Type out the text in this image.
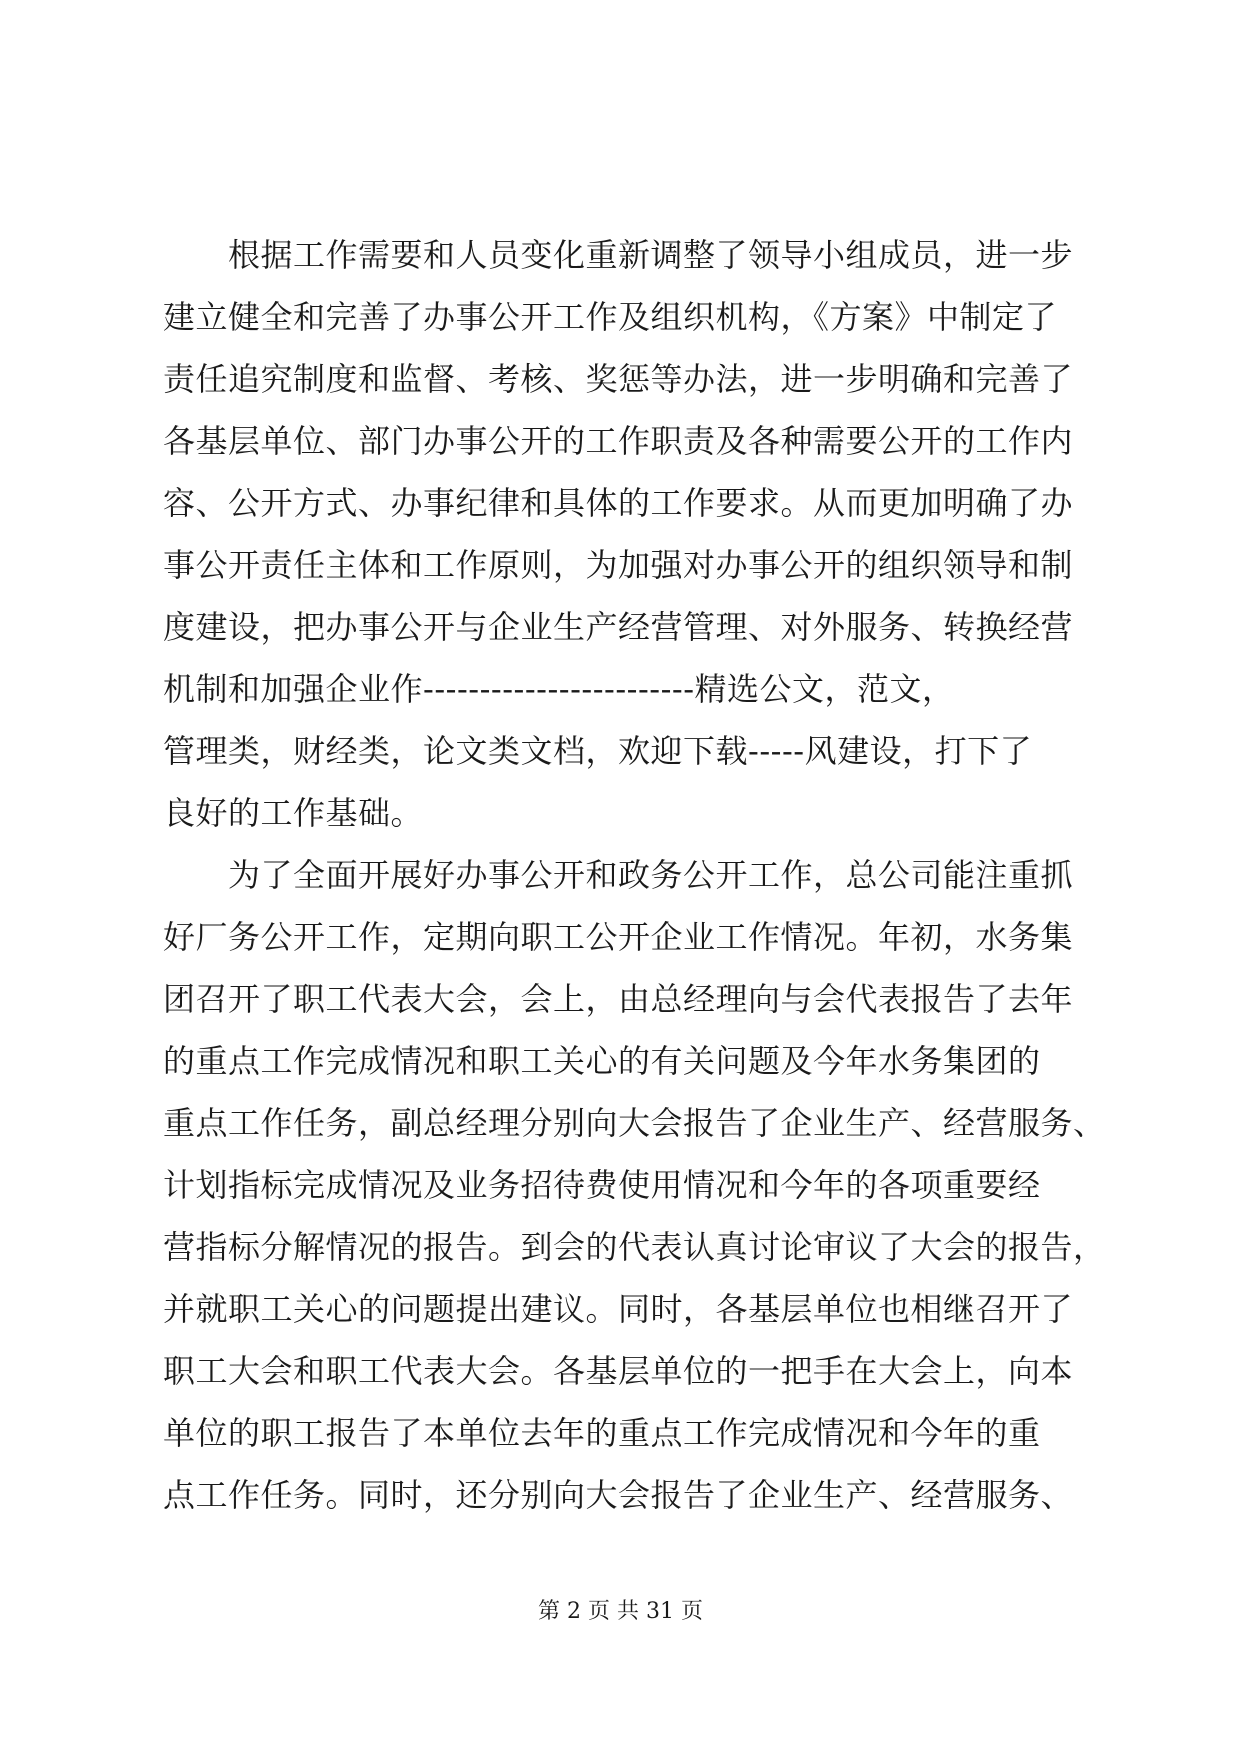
　　根据工作需要和人员变化重新调整了领导小组成员，进一步
建立健全和完善了办事公开工作及组织机构，《方案》中制定了
责任追究制度和监督、考核、奖惩等办法，进一步明确和完善了
各基层单位、部门办事公开的工作职责及各种需要公开的工作内
容、公开方式、办事纪律和具体的工作要求。从而更加明确了办
事公开责任主体和工作原则，为加强对办事公开的组织领导和制
度建设，把办事公开与企业生产经营管理、对外服务、转换经营
机制和加强企业作------------------------精选公文，范文，
管理类，财经类，论文类文档，欢迎下载-----风建设，打下了
良好的工作基础。

　　为了全面开展好办事公开和政务公开工作，总公司能注重抓
好厂务公开工作，定期向职工公开企业工作情况。年初，水务集
团召开了职工代表大会，会上，由总经理向与会代表报告了去年
的重点工作完成情况和职工关心的有关问题及今年水务集团的
重点工作任务，副总经理分别向大会报告了企业生产、经营服务、
计划指标完成情况及业务招待费使用情况和今年的各项重要经
营指标分解情况的报告。到会的代表认真讨论审议了大会的报告，
并就职工关心的问题提出建议。同时，各基层单位也相继召开了
职工大会和职工代表大会。各基层单位的一把手在大会上，向本
单位的职工报告了本单位去年的重点工作完成情况和今年的重
点工作任务。同时，还分别向大会报告了企业生产、经营服务、

第 2 页 共 31 页
